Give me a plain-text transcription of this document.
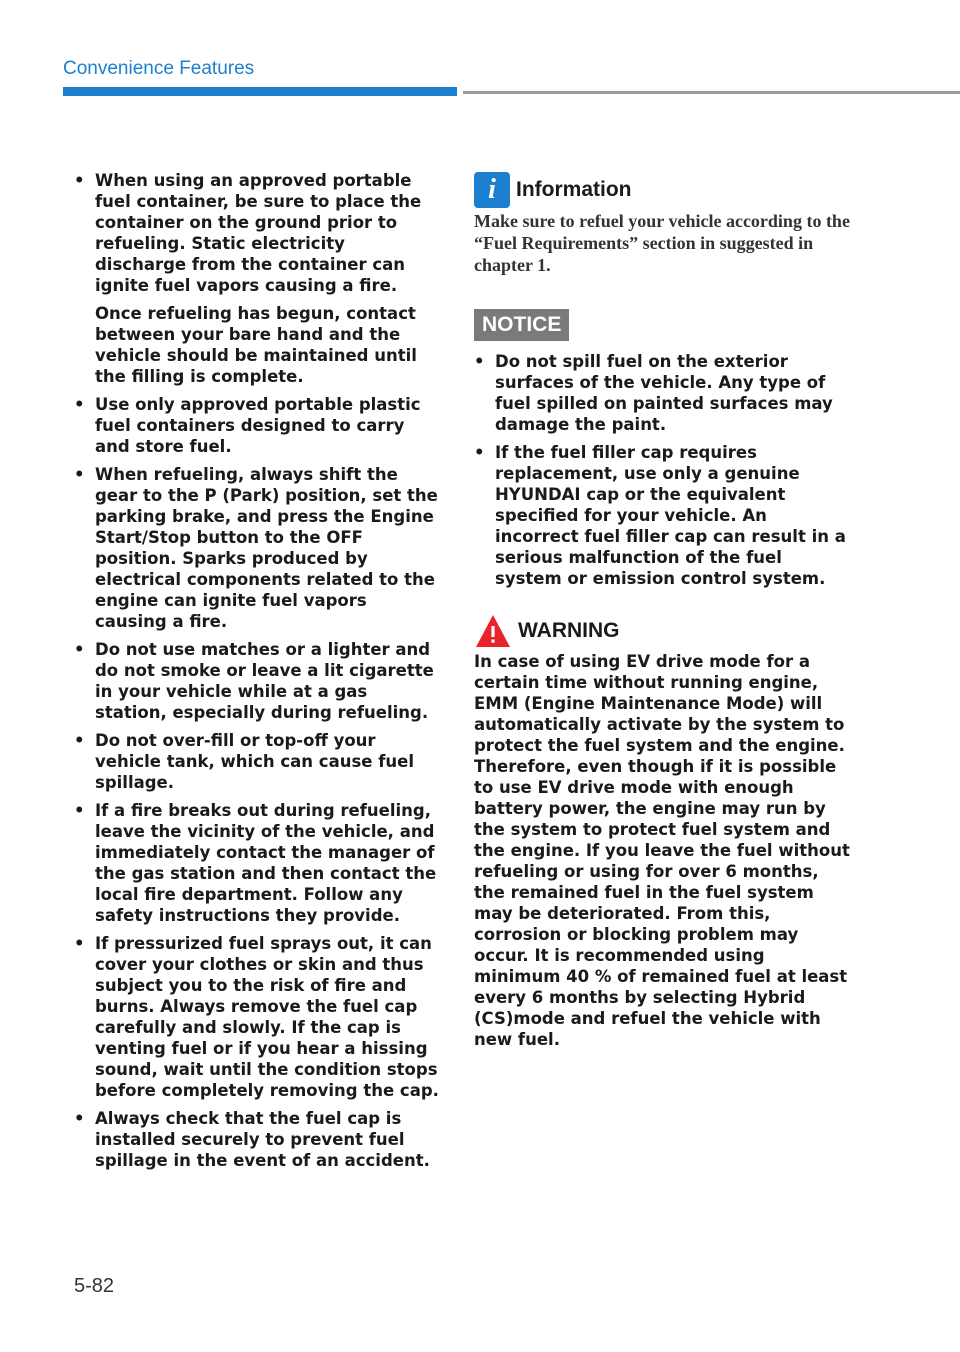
Convenience Features
• When using an approved portable fuel container, be sure to place the container on the ground prior to refueling. Static electricity discharge from the container can ignite fuel vapors causing a fire.

Once refueling has begun, contact between your bare hand and the vehicle should be maintained until the filling is complete.

• Use only approved portable plastic fuel containers designed to carry and store fuel.

• When refueling, always shift the gear to the P (Park) position, set the parking brake, and press the Engine Start/Stop button to the OFF position. Sparks produced by electrical components related to the engine can ignite fuel vapors causing a fire.

• Do not use matches or a lighter and do not smoke or leave a lit cigarette in your vehicle while at a gas station, especially during refueling.

• Do not over-fill or top-off your vehicle tank, which can cause fuel spillage.

• If a fire breaks out during refueling, leave the vicinity of the vehicle, and immediately contact the manager of the gas station and then contact the local fire department. Follow any safety instructions they provide.

• If pressurized fuel sprays out, it can cover your clothes or skin and thus subject you to the risk of fire and burns. Always remove the fuel cap carefully and slowly. If the cap is venting fuel or if you hear a hissing sound, wait until the condition stops before completely removing the cap.

• Always check that the fuel cap is installed securely to prevent fuel spillage in the event of an accident.

i Information
Make sure to refuel your vehicle according to the “Fuel Requirements” section in suggested in chapter 1.
NOTICE
• Do not spill fuel on the exterior surfaces of the vehicle. Any type of fuel spilled on painted surfaces may damage the paint.

• If the fuel filler cap requires replacement, use only a genuine HYUNDAI cap or the equivalent specified for your vehicle. An incorrect fuel filler cap can result in a serious malfunction of the fuel system or emission control system.

WARNING
In case of using EV drive mode for a certain time without running engine, EMM (Engine Maintenance Mode) will automatically activate by the system to protect the fuel system and the engine. Therefore, even though if it is possible to use EV drive mode with enough battery power, the engine may run by the system to protect fuel system and the engine. If you leave the fuel without refueling or using for over 6 months, the remained fuel in the fuel system may be deteriorated. From this, corrosion or blocking problem may occur. It is recommended using minimum 40 % of remained fuel at least every 6 months by selecting Hybrid (CS)mode and refuel the vehicle with new fuel.
5-82
